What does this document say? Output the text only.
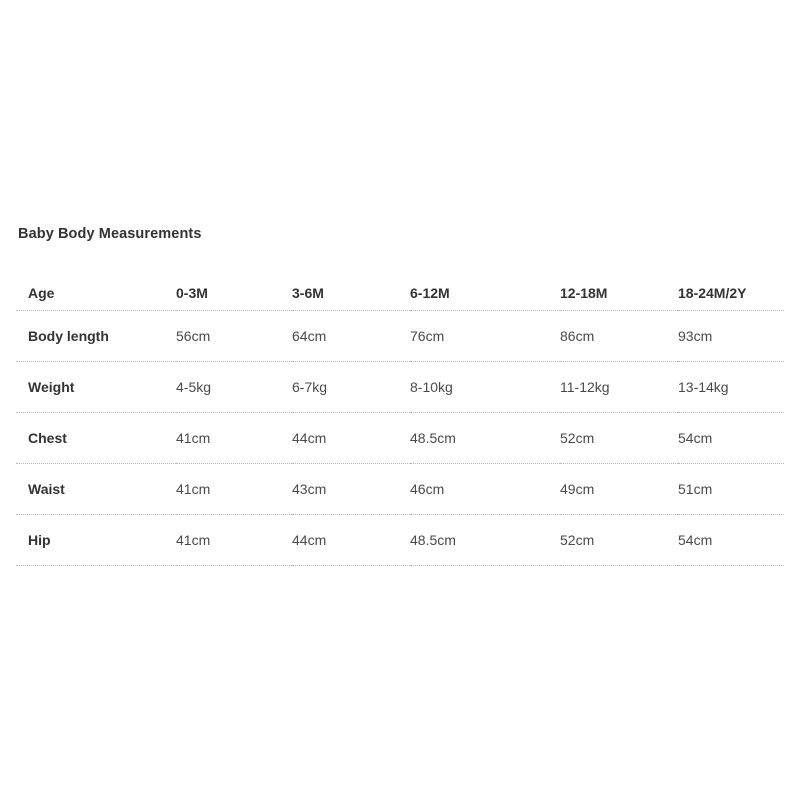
Baby Body Measurements
Age	0-3M	3-6M	6-12M	12-18M	18-24M/2Y
Body length	56cm	64cm	76cm	86cm	93cm
Weight	4-5kg	6-7kg	8-10kg	11-12kg	13-14kg
Chest	41cm	44cm	48.5cm	52cm	54cm
Waist	41cm	43cm	46cm	49cm	51cm
Hip	41cm	44cm	48.5cm	52cm	54cm
